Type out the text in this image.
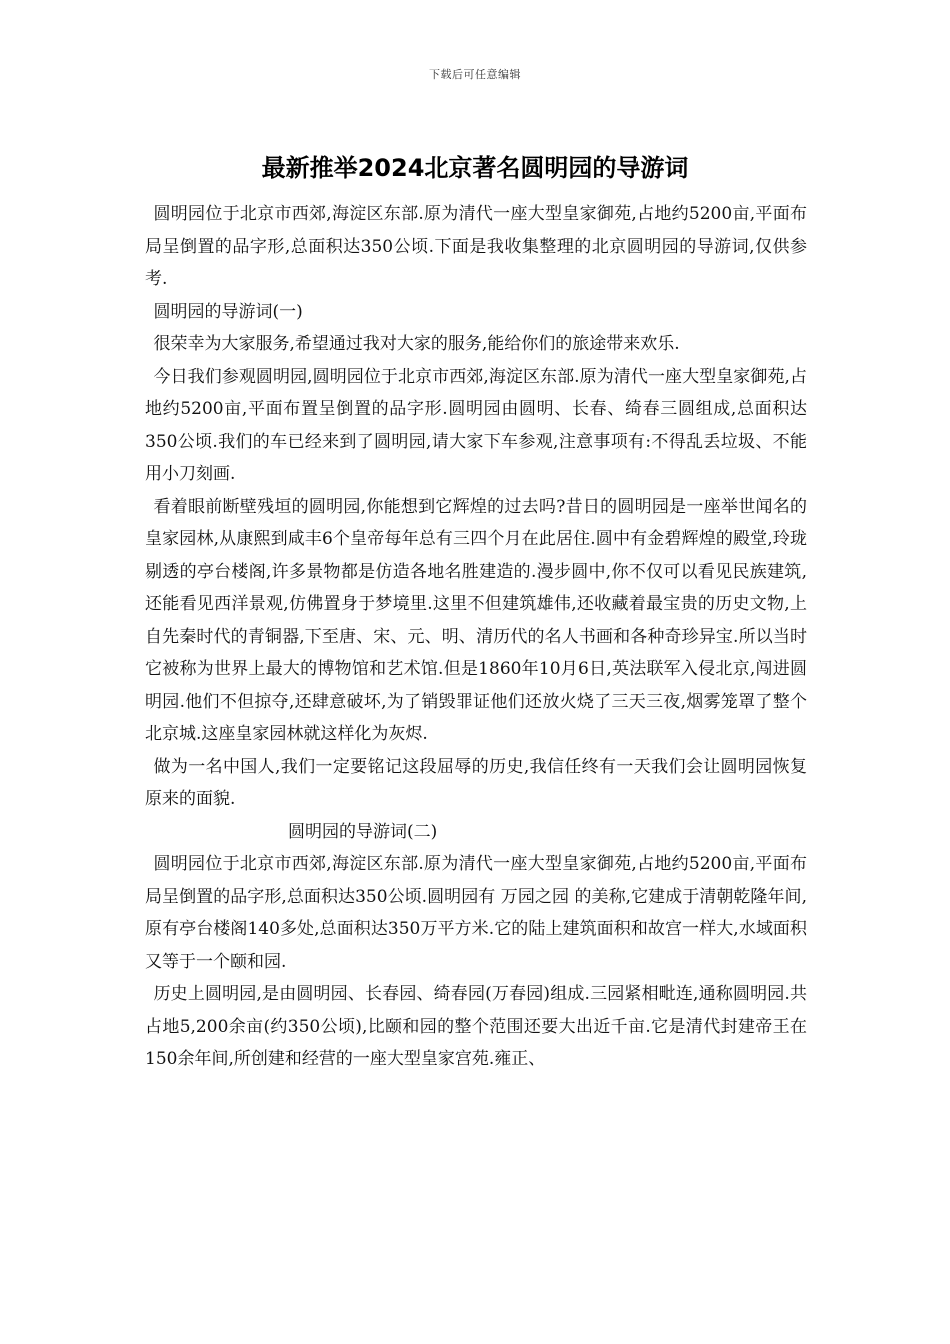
下载后可任意编辑
最新推举2024北京著名圆明园的导游词

圆明园位于北京市西郊,海淀区东部.原为清代一座大型皇家御苑,占地约5200亩,平面布局呈倒置的品字形,总面积达350公顷.下面是我收集整理的北京圆明园的导游词,仅供参考.

圆明园的导游词(一)

很荣幸为大家服务,希望通过我对大家的服务,能给你们的旅途带来欢乐.

今日我们参观圆明园,圆明园位于北京市西郊,海淀区东部.原为清代一座大型皇家御苑,占地约5200亩,平面布置呈倒置的品字形.圆明园由圆明、长春、绮春三圆组成,总面积达350公顷.我们的车已经来到了圆明园,请大家下车参观,注意事项有:不得乱丢垃圾、不能用小刀刻画.

看着眼前断壁残垣的圆明园,你能想到它辉煌的过去吗?昔日的圆明园是一座举世闻名的皇家园林,从康熙到咸丰6个皇帝每年总有三四个月在此居住.圆中有金碧辉煌的殿堂,玲珑剔透的亭台楼阁,许多景物都是仿造各地名胜建造的.漫步圆中,你不仅可以看见民族建筑,还能看见西洋景观,仿佛置身于梦境里.这里不但建筑雄伟,还收藏着最宝贵的历史文物,上自先秦时代的青铜器,下至唐、宋、元、明、清历代的名人书画和各种奇珍异宝.所以当时它被称为世界上最大的博物馆和艺术馆.但是1860年10月6日,英法联军入侵北京,闯进圆明园.他们不但掠夺,还肆意破坏,为了销毁罪证他们还放火烧了三天三夜,烟雾笼罩了整个北京城.这座皇家园林就这样化为灰烬.

做为一名中国人,我们一定要铭记这段屈辱的历史,我信任终有一天我们会让圆明园恢复原来的面貌.

圆明园的导游词(二)

圆明园位于北京市西郊,海淀区东部.原为清代一座大型皇家御苑,占地约5200亩,平面布局呈倒置的品字形,总面积达350公顷.圆明园有 万园之园 的美称,它建成于清朝乾隆年间,原有亭台楼阁140多处,总面积达350万平方米.它的陆上建筑面积和故宫一样大,水域面积又等于一个颐和园.

历史上圆明园,是由圆明园、长春园、绮春园(万春园)组成.三园紧相毗连,通称圆明园.共占地5,200余亩(约350公顷),比颐和园的整个范围还要大出近千亩.它是清代封建帝王在150余年间,所创建和经营的一座大型皇家宫苑.雍正、
